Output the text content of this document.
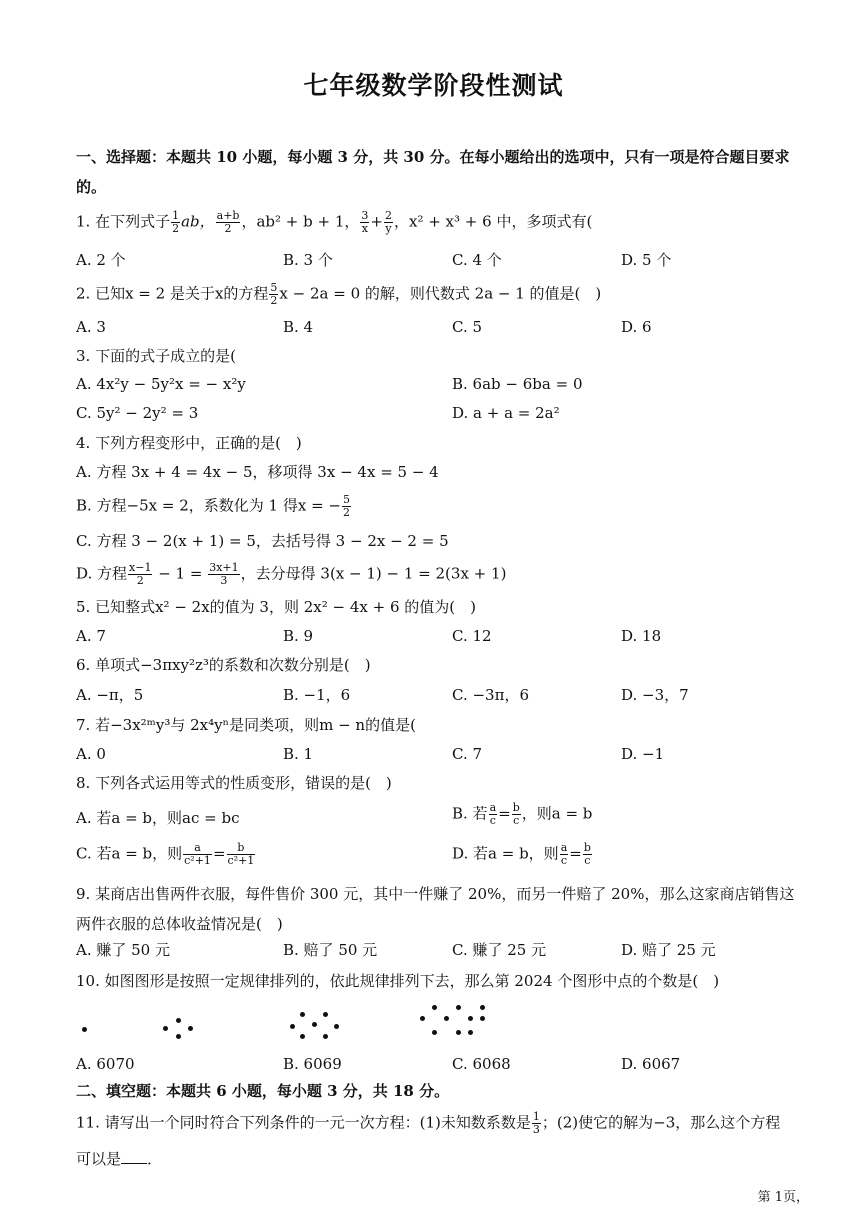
七年级数学阶段性测试
一、选择题：本题共 10 小题，每小题 3 分，共 30 分。在每小题给出的选项中，只有一项是符合题目要求
的。
1. 在下列式子 $\frac{1}{2}$ ab， $\frac{a+b}{2}$ ，ab² + b + 1， $\frac{3}{x} + \frac{2}{y}$ ，x² + x³ + 6 中，多项式有(
A. 2 个	B. 3 个	C. 4 个	D. 5 个
2. 已知x = 2 是关于x的方程 $\frac{5}{2}$ x − 2a = 0 的解，则代数式 2a − 1 的值是(　)
A. 3	B. 4	C. 5	D. 6
3. 下面的式子成立的是(
A. 4x²y − 5y²x = − x²y	B. 6ab − 6ba = 0
C. 5y² − 2y² = 3	D. a + a = 2a²
4. 下列方程变形中，正确的是(　)
A. 方程 3x + 4 = 4x − 5，移项得 3x − 4x = 5 − 4
B. 方程−5x = 2，系数化为 1 得x = − $\frac{5}{2}$
C. 方程 3 − 2(x + 1) = 5，去括号得 3 − 2x − 2 = 5
D. 方程 $\frac{x-1}{2} - 1 = \frac{3x+1}{3}$ ，去分母得 3(x − 1) − 1 = 2(3x + 1)
5. 已知整式x² − 2x的值为 3，则 2x² − 4x + 6 的值为(　)
A. 7	B. 9	C. 12	D. 18
6. 单项式−3πxy²z³的系数和次数分别是(　)
A. −π，5	B. −1，6	C. −3π，6	D. −3，7
7. 若−3x²ᵐy³与 2x⁴yⁿ是同类项，则m − n的值是(
A. 0	B. 1	C. 7	D. −1
8. 下列各式运用等式的性质变形，错误的是(　)
A. 若a = b，则ac = bc	B. 若 $\frac{a}{c} = \frac{b}{c}$ ，则a = b
C. 若a = b，则 $\frac{a}{\text{c²+1}} = \frac{b}{\text{c²+1}}$	D. 若a = b，则 $\frac{a}{c} = \frac{b}{c}$
9. 某商店出售两件衣服，每件售价 300 元，其中一件赚了 20%，而另一件赔了 20%，那么这家商店销售这两件衣服的总体收益情况是(　)
A. 赚了 50 元	B. 赔了 50 元	C. 赚了 25 元	D. 赔了 25 元
10. 如图图形是按照一定规律排列的，依此规律排列下去，那么第 2024 个图形中点的个数是(　)
A. 6070	B. 6069	C. 6068	D. 6067
二、填空题：本题共 6 小题，每小题 3 分，共 18 分。
11. 请写出一个同时符合下列条件的一元一次方程：(1)未知数系数是 $\frac{1}{3}$ ；(2)使它的解为−3，那么这个方程
可以是 ．
第 1页，
